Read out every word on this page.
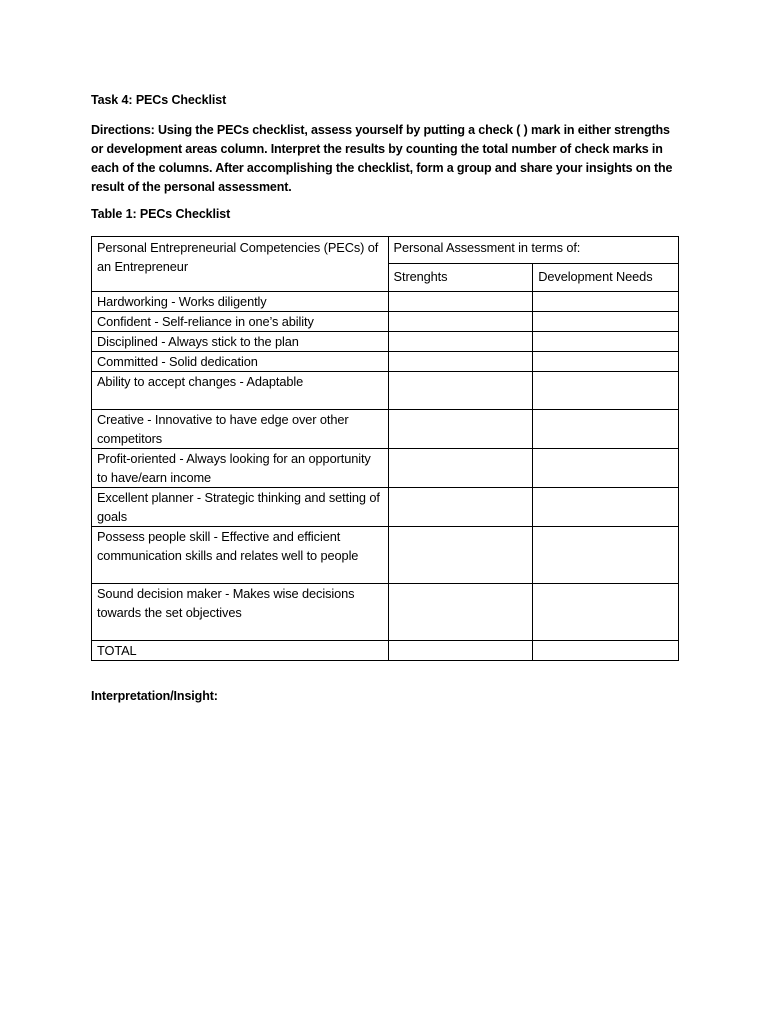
Task 4: PECs Checklist

Directions: Using the PECs checklist, assess yourself by putting a check ( ) mark in either strengths or development areas column. Interpret the results by counting the total number of check marks in each of the columns. After accomplishing the checklist, form a group and share your insights on the result of the personal assessment.

Table 1: PECs Checklist
Personal Entrepreneurial Competencies (PECs) of an Entrepreneur	Personal Assessment in terms of:	
	Strenghts	Development Needs
Hardworking - Works diligently		
Confident - Self-reliance in one’s ability		
Disciplined - Always stick to the plan		
Committed - Solid dedication		
Ability to accept changes - Adaptable		
Creative - Innovative to have edge over other competitors		
Profit-oriented - Always looking for an opportunity to have/earn income		
Excellent planner - Strategic thinking and setting of goals		
Possess people skill - Effective and efficient communication skills and relates well to people		
Sound decision maker - Makes wise decisions towards the set objectives		
TOTAL		
Interpretation/Insight:
